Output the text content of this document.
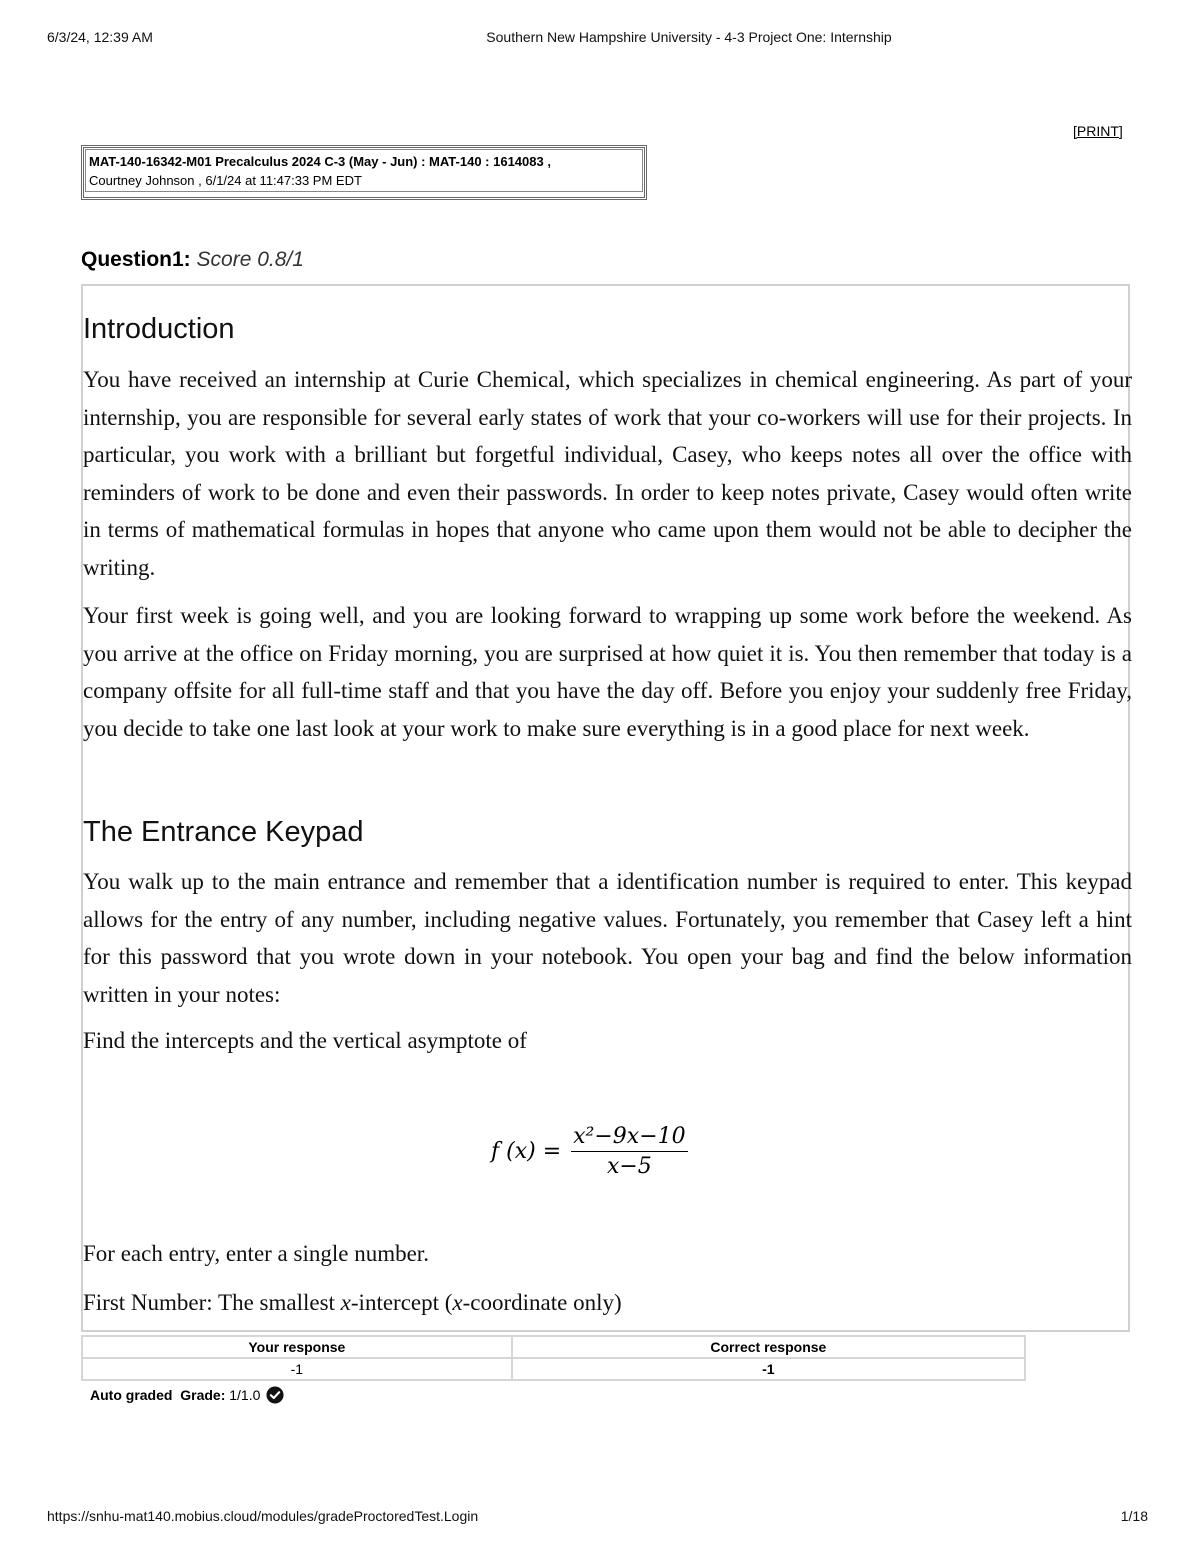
6/3/24, 12:39 AM	Southern New Hampshire University - 4-3 Project One: Internship
[PRINT]
MAT-140-16342-M01 Precalculus 2024 C-3 (May - Jun) : MAT-140 : 1614083 ,
Courtney Johnson , 6/1/24 at 11:47:33 PM EDT
Question1: Score 0.8/1
Introduction
You have received an internship at Curie Chemical, which specializes in chemical engineering. As part of your internship, you are responsible for several early states of work that your co-workers will use for their projects. In particular, you work with a brilliant but forgetful individual, Casey, who keeps notes all over the office with reminders of work to be done and even their passwords. In order to keep notes private, Casey would often write in terms of mathematical formulas in hopes that anyone who came upon them would not be able to decipher the writing.
Your first week is going well, and you are looking forward to wrapping up some work before the weekend. As you arrive at the office on Friday morning, you are surprised at how quiet it is. You then remember that today is a company offsite for all full-time staff and that you have the day off. Before you enjoy your suddenly free Friday, you decide to take one last look at your work to make sure everything is in a good place for next week.
The Entrance Keypad
You walk up to the main entrance and remember that a identification number is required to enter. This keypad allows for the entry of any number, including negative values. Fortunately, you remember that Casey left a hint for this password that you wrote down in your notebook. You open your bag and find the below information written in your notes:
Find the intercepts and the vertical asymptote of
f $(x) = \frac{\text{x²−9x−10}}{x-5}$
For each entry, enter a single number.
First Number: The smallest x-intercept (x-coordinate only)
Your response	Correct response
-1	-1
Auto graded
Grade:
1/1.0
https://snhu-mat140.mobius.cloud/modules/gradeProctoredTest.Login	1/18
